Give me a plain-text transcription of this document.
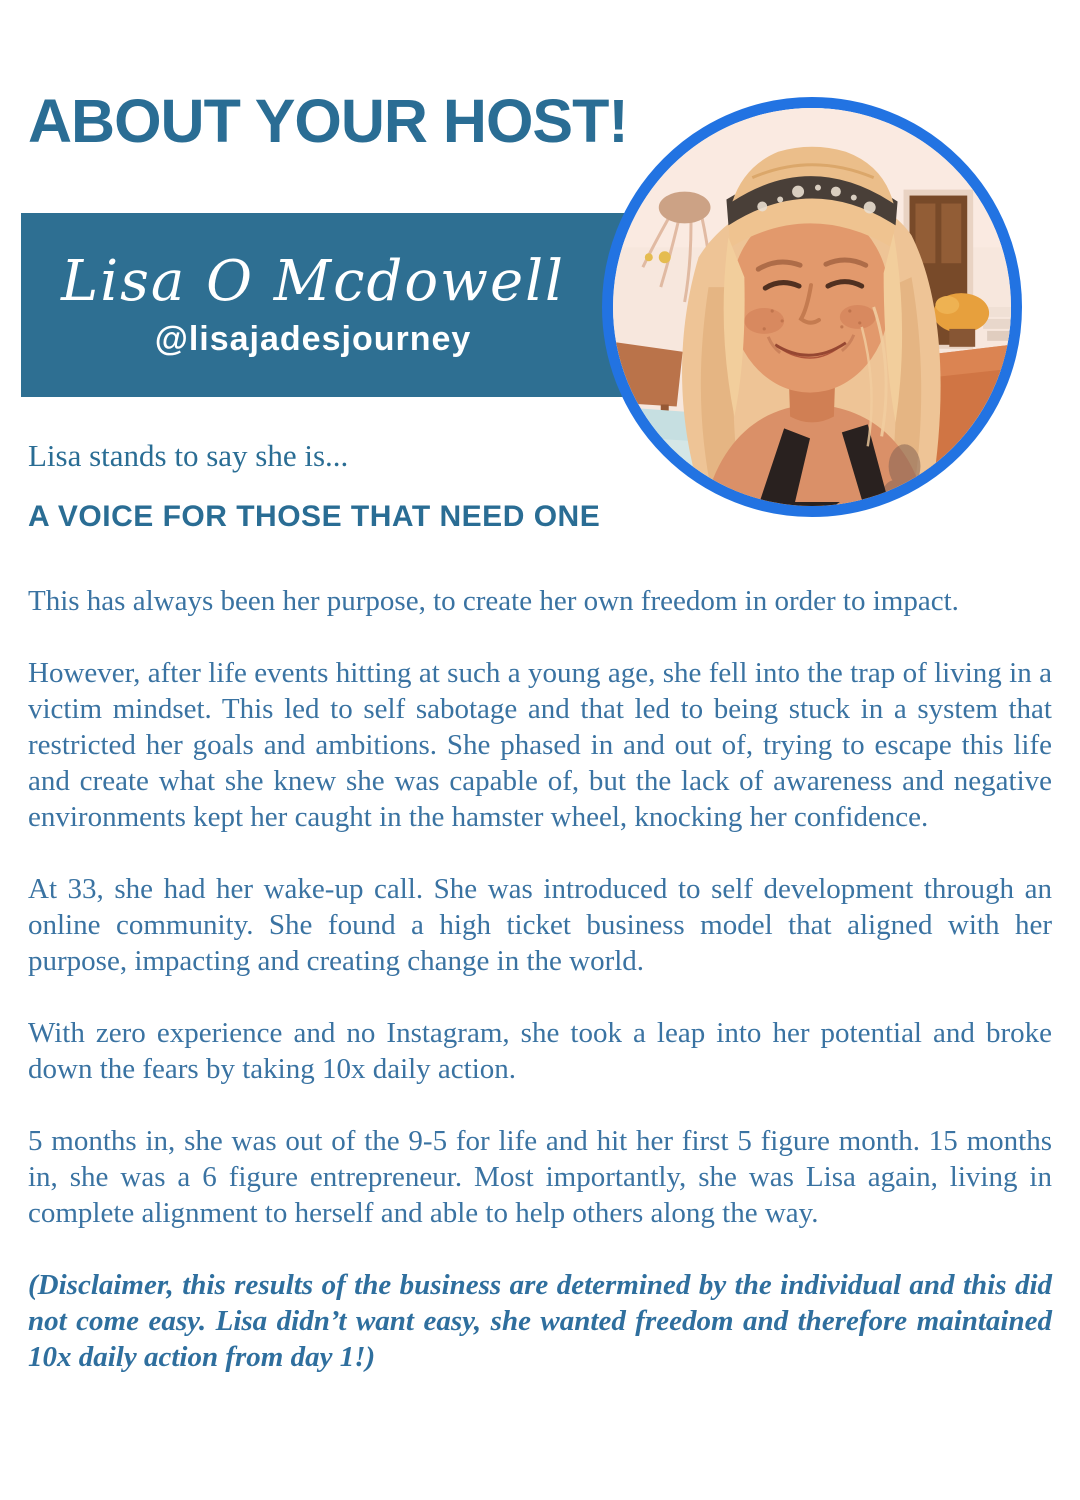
ABOUT YOUR HOST!
Lisa O Mcdowell
@lisajadesjourney
Lisa stands to say she is...
A VOICE FOR THOSE THAT NEED ONE

This has always been her purpose, to create her own freedom in order to impact.

However, after life events hitting at such a young age, she fell into the trap of living in a victim mindset. This led to self sabotage and that led to being stuck in a system that restricted her goals and ambitions. She phased in and out of, trying to escape this life and create what she knew she was capable of, but the lack of awareness and negative environments kept her caught in the hamster wheel, knocking her confidence.

At 33, she had her wake-up call. She was introduced to self development through an online community. She found a high ticket business model that aligned with her purpose, impacting and creating change in the world.

With zero experience and no Instagram, she took a leap into her potential and broke down the fears by taking 10x daily action.

5 months in, she was out of the 9-5 for life and hit her first 5 figure month. 15 months in, she was a 6 figure entrepreneur. Most importantly, she was Lisa again, living in complete alignment to herself and able to help others along the way.

(Disclaimer, this results of the business are determined by the individual and this did not come easy. Lisa didn’t want easy, she wanted freedom and therefore maintained 10x daily action from day 1!)
